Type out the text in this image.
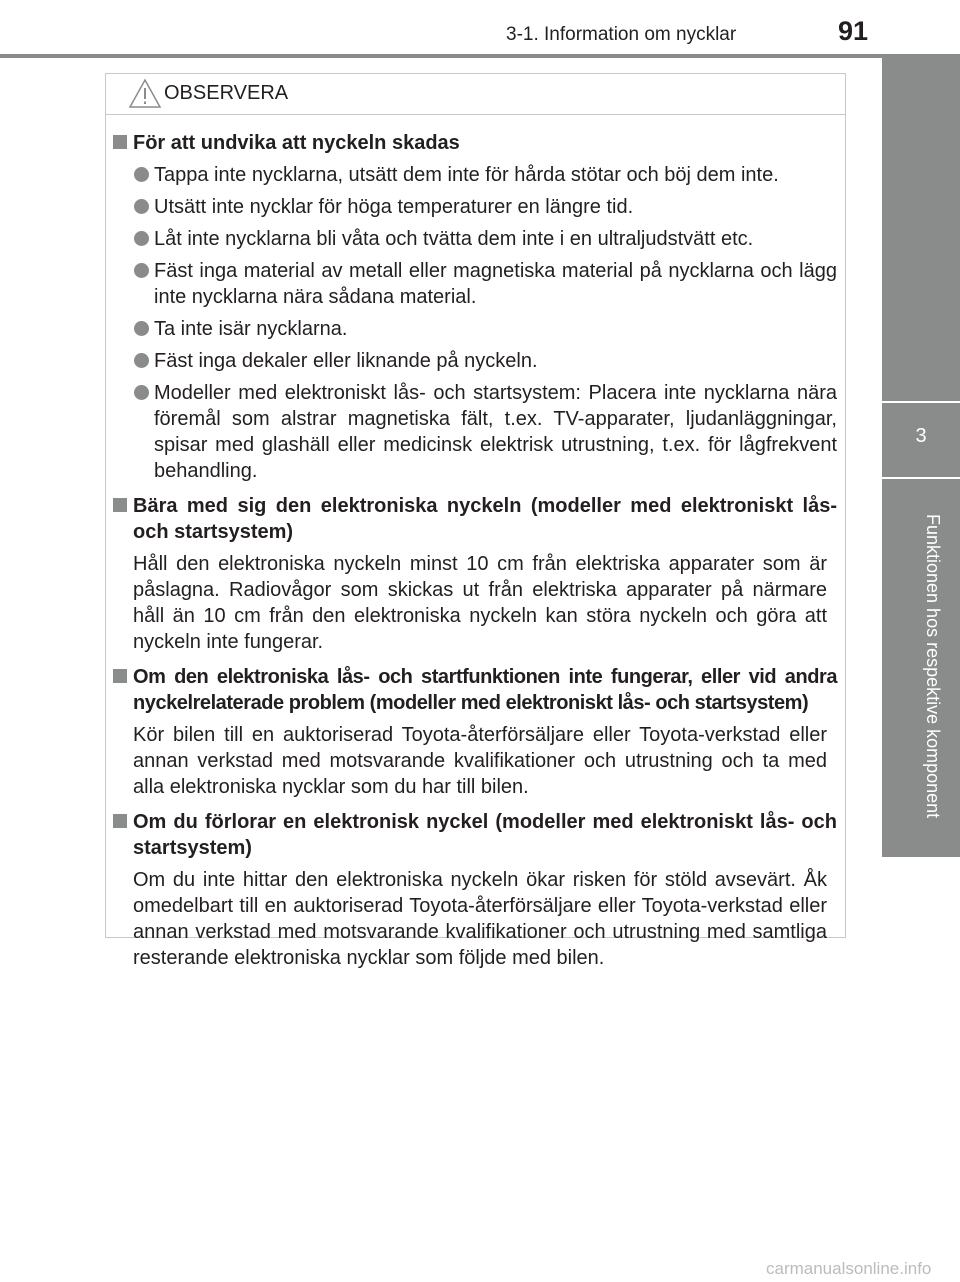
3-1. Information om nycklar	91
3
Funktionen hos respektive komponent
OBSERVERA
För att undvika att nyckeln skadas
Tappa inte nycklarna, utsätt dem inte för hårda stötar och böj dem inte.
Utsätt inte nycklar för höga temperaturer en längre tid.
Låt inte nycklarna bli våta och tvätta dem inte i en ultraljudstvätt etc.
Fäst inga material av metall eller magnetiska material på nycklarna och lägg inte nycklarna nära sådana material.
Ta inte isär nycklarna.
Fäst inga dekaler eller liknande på nyckeln.
Modeller med elektroniskt lås- och startsystem: Placera inte nycklarna nära föremål som alstrar magnetiska fält, t.ex. TV-apparater, ljudanläggningar, spisar med glashäll eller medicinsk elektrisk utrustning, t.ex. för lågfrekvent behandling.
Bära med sig den elektroniska nyckeln (modeller med elektroniskt lås- och startsystem)
Håll den elektroniska nyckeln minst 10 cm från elektriska apparater som är påslagna. Radiovågor som skickas ut från elektriska apparater på närmare håll än 10 cm från den elektroniska nyckeln kan störa nyckeln och göra att nyckeln inte fungerar.
Om den elektroniska lås- och startfunktionen inte fungerar, eller vid andra nyckelrelaterade problem (modeller med elektroniskt lås- och startsystem)
Kör bilen till en auktoriserad Toyota-återförsäljare eller Toyota-verkstad eller annan verkstad med motsvarande kvalifikationer och utrustning och ta med alla elektroniska nycklar som du har till bilen.
Om du förlorar en elektronisk nyckel (modeller med elektroniskt lås- och startsystem)
Om du inte hittar den elektroniska nyckeln ökar risken för stöld avsevärt. Åk omedelbart till en auktoriserad Toyota-återförsäljare eller Toyota-verkstad eller annan verkstad med motsvarande kvalifikationer och utrustning med samtliga resterande elektroniska nycklar som följde med bilen.
carmanualsonline.info
